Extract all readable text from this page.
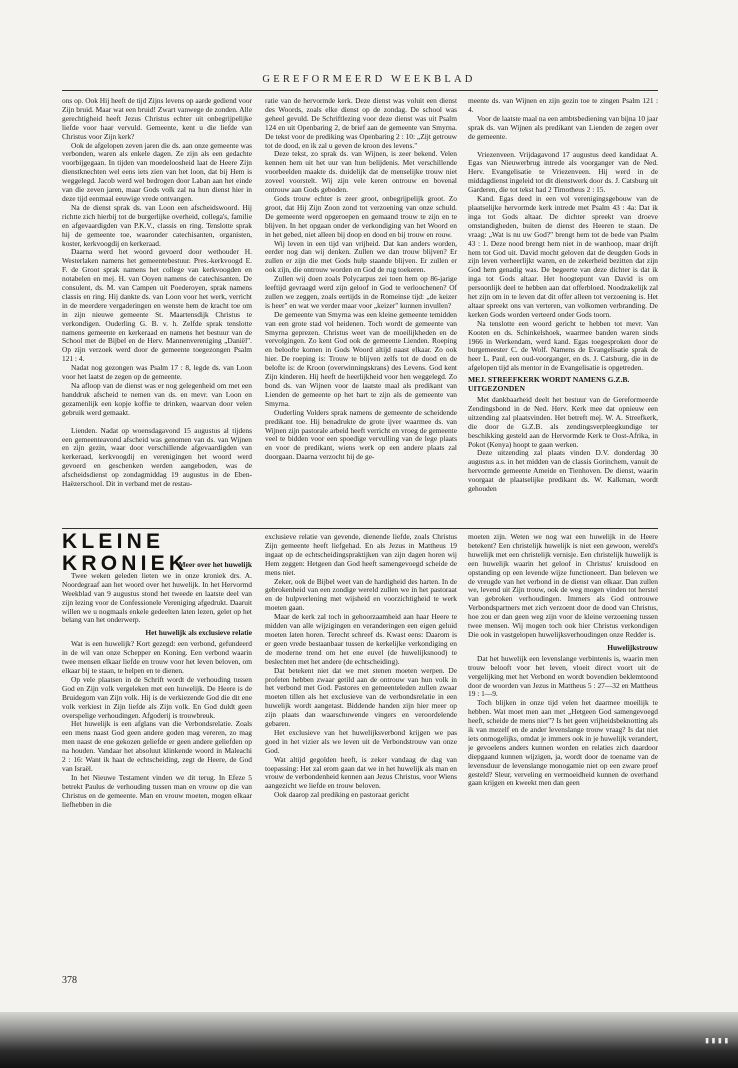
GEREFORMEERD WEEKBLAD

ons op. Ook Hij heeft de tijd Zijns levens op aarde gediend voor Zijn bruid. Maar wat een bruid! Zwart vanwege de zonden. Alle gerechtigheid heeft Jezus Christus echter uit onbegrijpelijke liefde voor haar vervuld. Gemeente, kent u die liefde van Christus voor Zijn kerk?

Ook de afgelopen zeven jaren die ds. aan onze gemeente was verbonden, waren als enkele dagen. Ze zijn als een gedachte voorbijgegaan. In tijden van moedeloosheid laat de Heere Zijn dienstknechten wel eens iets zien van het loon, dat bij Hem is weggelegd. Jacob werd wel bedrogen door Laban aan het einde van die zeven jaren, maar Gods volk zal na hun dienst hier in deze tijd eenmaal eeuwige vrede ontvangen.

Na de dienst sprak ds. van Loon een afscheidswoord. Hij richtte zich hierbij tot de burgerlijke overheid, collega's, familie en afgevaardigden van P.K.V., classis en ring. Tenslotte sprak hij de gemeente toe, waaronder catechisanten, organisten, koster, kerkvoogdij en kerkeraad.

Daarna werd het woord gevoerd door wethouder H. Westerlaken namens het gemeentebestuur. Pres.-kerkvoogd E. F. de Groot sprak namens het college van kerkvoogden en notabelen en mej. H. van Ooyen namens de catechisanten. De consulent, ds. M. van Campen uit Poederoyen, sprak namens classis en ring. Hij dankte ds. van Loon voor het werk, verricht in de meerdere vergaderingen en wenste hem de kracht toe om in zijn nieuwe gemeente St. Maartensdijk Christus te verkondigen. Ouderling G. B. v. h. Zelfde sprak tenslotte namens gemeente en kerkeraad en namens het bestuur van de School met de Bijbel en de Herv. Mannenvereniging „Daniël". Op zijn verzoek werd door de gemeente toegezongen Psalm 121 : 4.

Nadat nog gezongen was Psalm 17 : 8, legde ds. van Loon voor het laatst de zegen op de gemeente.

Na afloop van de dienst was er nog gelegenheid om met een handdruk afscheid te nemen van ds. en mevr. van Loon en gezamenlijk een kopje koffie te drinken, waarvan door velen gebruik werd gemaakt.

Lienden. Nadat op woensdagavond 15 augustus al tijdens een gemeenteavond afscheid was genomen van ds. van Wijnen en zijn gezin, waar door verschillende afgevaardigden van kerkeraad, kerkvoogdij en verenigingen het woord werd gevoerd en geschenken werden aangeboden, was de afscheidsdienst op zondagmiddag 19 augustus in de Eben-Haëzerschool. Dit in verband met de restau-

ratie van de hervormde kerk. Deze dienst was voluit een dienst des Woords, zoals elke dienst op de zondag. De school was geheel gevuld. De Schriftlezing voor deze dienst was uit Psalm 124 en uit Openbaring 2, de brief aan de gemeente van Smyrna. De tekst voor de prediking was Openbaring 2 : 10: „Zijt getrouw tot de dood, en ik zal u geven de kroon des levens."

Deze tekst, zo sprak ds. van Wijnen, is zeer bekend. Velen kennen hem uit het uur van hun belijdenis. Met verschillende voorbeelden maakte ds. duidelijk dat de menselijke trouw niet zoveel voorstelt. Wij zijn vele keren ontrouw en bovenal ontrouw aan Gods geboden.

Gods trouw echter is zeer groot, onbegrijpelijk groot. Zo groot, dat Hij Zijn Zoon zond tot verzoening van onze schuld. De gemeente werd opgeroepen en gemaand trouw te zijn en te blijven. In het opgaan onder de verkondiging van het Woord en in het gebed, niet alleen bij doop en dood en bij trouw en rouw.

Wij leven in een tijd van vrijheid. Dat kan anders worden, eerder nog dan wij denken. Zullen we dan trouw blijven? Er zullen er zijn die met Gods hulp staande blijven. Er zullen er ook zijn, die ontrouw worden en God de rug toekeren.

Zullen wij doen zoals Polycarpus zei toen hem op 86-jarige leeftijd gevraagd werd zijn geloof in God te verloochenen? Of zullen we zeggen, zoals eertijds in de Romeinse tijd: „de keizer is heer" en wat we verder maar voor „keizer" kunnen invullen?

De gemeente van Smyrna was een kleine gemeente temidden van een grote stad vol heidenen. Toch wordt de gemeente van Smyrna geprezen. Christus weet van de moeilijkheden en de vervolgingen. Zo kent God ook de gemeente Lienden. Roeping en beloofte komen in Gods Woord altijd naast elkaar. Zo ook hier. De roeping is: Trouw te blijven zelfs tot de dood en de belofte is: de Kroon (overwinningskrans) des Levens. God kent Zijn kinderen. Hij heeft de heerlijkheid voor hen weggelegd. Zo bond ds. van Wijnen voor de laatste maal als predikant van Lienden de gemeente op het hart te zijn als de gemeente van Smyrna.

Ouderling Volders sprak namens de gemeente de scheidende predikant toe. Hij benadrukte de grote ijver waarmee ds. van Wijnen zijn pastorale arbeid heeft verricht en vroeg de gemeente veel te bidden voor een spoedige vervulling van de lege plaats en voor de predikant, wiens werk op een andere plaats zal doorgaan. Daarna verzocht hij de ge-

meente ds. van Wijnen en zijn gezin toe te zingen Psalm 121 : 4.

Voor de laatste maal na een ambtsbediening van bijna 10 jaar sprak ds. van Wijnen als predikant van Lienden de zegen over de gemeente.

Vriezenveen. Vrijdagavond 17 augustus deed kandidaat A. Egas van Nieuwerbrug intrede als voorganger van de Ned. Herv. Evangelisatie te Vriezenveen. Hij werd in de middagdienst ingeleid tot dit dienstwerk door ds. J. Catsburg uit Garderen, die tot tekst had 2 Timotheus 2 : 15.

Kand. Egas deed in een vol verenigingsgebouw van de plaatselijke hervormde kerk intrede met Psalm 43 : 4a: Dat ik inga tot Gods altaar. De dichter spreekt van droeve omstandigheden, buiten de dienst des Heeren te staan. De vraag: „Wat is nu uw God?" brengt hem tot de bede van Psalm 43 : 1. Deze nood brengt hem niet in de wanhoop, maar drijft hem tot God uit. David mocht geloven dat de deugden Gods in zijn leven verheerlijkt waren, en de zekerheid bezitten dat zijn God hem genadig was. De begeerte van deze dichter is dat ik inga tot Gods altaar. Het hoogtepunt van David is om persoonlijk deel te hebben aan dat offerbloed. Noodzakelijk zal het zijn om in te leven dat dit offer alleen tot verzoening is. Het altaar spreekt ons van verteren, van volkomen verbranding. De kerken Gods worden verteerd onder Gods toorn.

Na tenslotte een woord gericht te hebben tot mevr. Van Kooten en ds. Schinkelshoek, waarmee banden waren sinds 1966 in Werkendam, werd kand. Egas toegesproken door de burgemeester C. de Wolf. Namens de Evangelisatie sprak de heer L. Paul, een oud-voorganger, en ds. J. Catsburg, die in de afgelopen tijd als mentor in de Evangelisatie is opgetreden.

MEJ. STREEFKERK WORDT NAMENS G.Z.B. UITGEZONDEN

Met dankbaarheid deelt het bestuur van de Gereformeerde Zendingsbond in de Ned. Herv. Kerk mee dat opnieuw een uitzending zal plaatsvinden. Het betreft mej. W. A. Streefkerk, die door de G.Z.B. als zendingsverpleegkundige ter beschikking gesteld aan de Hervormde Kerk te Oost-Afrika, in Pokot (Kenya) hoopt te gaan werken.

Deze uitzending zal plaats vinden D.V. donderdag 30 augustus a.s. in het midden van de classis Gorinchem, vanuit de hervormde gemeente Ameide en Tienhoven. De dienst, waarin voorgaat de plaatselijke predikant ds. W. Kalkman, wordt gehouden

KLEINE KRONIEK
Meer over het huwelijk

Twee weken geleden lieten we in onze kroniek drs. A. Noordegraaf aan het woord over het huwelijk. In het Hervormd Weekblad van 9 augustus stond het tweede en laatste deel van zijn lezing voor de Confessionele Vereniging afgedrukt. Daaruit willen we u nogmaals enkele gedeelten laten lezen, gelet op het belang van het onderwerp.

Het huwelijk als exclusieve relatie

Wat is een huwelijk? Kort gezegd: een verbond, gefundeerd in de wil van onze Schepper en Koning. Een verbond waarin twee mensen elkaar liefde en trouw voor het leven beloven, om elkaar bij te staan, te helpen en te dienen.

Op vele plaatsen in de Schrift wordt de verhouding tussen God en Zijn volk vergeleken met een huwelijk. De Heere is de Bruidegom van Zijn volk. Hij is de verkiezende God die dit ene volk verkiest in Zijn liefde als Zijn volk. En God duldt geen overspelige verhoudingen. Afgoderij is trouwbreuk.

Het huwelijk is een afglans van die Verbondsrelatie. Zoals een mens naast God geen andere goden mag vereren, zo mag men naast de ene gekozen geliefde er geen andere geliefden op na houden. Vandaar het absoluut klinkende woord in Maleachi 2 : 16: Want ik haat de echtscheiding, zegt de Heere, de God van Israël.

In het Nieuwe Testament vinden we dit terug. In Efeze 5 betrekt Paulus de verhouding tussen man en vrouw op die van Christus en de gemeente. Man en vrouw moeten, mogen elkaar liefhebben in die

exclusieve relatie van gevende, dienende liefde, zoals Christus Zijn gemeente heeft liefgehad. En als Jezus in Mattheus 19 ingaat op de echtscheidingspraktijken van zijn dagen horen wij Hem zeggen: Hetgeen dan God heeft samengevoegd scheide de mens niet.

Zeker, ook de Bijbel weet van de hardigheid des harten. In de gebrokenheid van een zondige wereld zullen we in het pastoraat en de hulpverlening met wijsheid en voorzichtigheid te werk moeten gaan.

Maar de kerk zal toch in gehoorzaamheid aan haar Heere te midden van alle wijzigingen en veranderingen een eigen geluid moeten laten horen. Terecht schreef ds. Kwast eens: Daarom is er geen vrede bestaanbaar tussen de kerkelijke verkondiging en de moderne trend om het ene euvel (de huwelijksnood) te beslechten met het andere (de echtscheiding).

Dat betekent niet dat we met stenen moeten werpen. De profeten hebben zwaar getild aan de ontrouw van hun volk in het verbond met God. Pastores en gemeenteleden zullen zwaar moeten tillen als het exclusieve van de verbondsrelatie in een huwelijk wordt aangetast. Biddende handen zijn hier meer op zijn plaats dan waarschuwende vingers en veroordelende gebaren.

Het exclusieve van het huwelijksverbond krijgen we pas goed in het vizier als we leven uit de Verbondstrouw van onze God.

Wat altijd gegolden heeft, is zeker vandaag de dag van toepassing: Het zal erom gaan dat we in het huwelijk als man en vrouw de verbondenheid kennen aan Jezus Christus, voor Wiens aangezicht we liefde en trouw beloven.

Ook daarop zal prediking en pastoraat gericht

moeten zijn. Weten we nog wat een huwelijk in de Heere betekent? Een christelijk huwelijk is niet een gewoon, wereld's huwelijk met een christelijk vernisje. Een christelijk huwelijk is een huwelijk waarin het geloof in Christus' kruisdood en opstanding op een levende wijze functioneert. Dan beleven we de vreugde van het verbond in de dienst van elkaar. Dan zullen we, levend uit Zijn trouw, ook de weg mogen vinden tot herstel van gebroken verhoudingen. Immers als God ontrouwe Verbondspartners met zich verzoent door de dood van Christus, hoe zou er dan geen weg zijn voor de kleine verzoening tussen twee mensen. Wij mogen toch ook hier Christus verkondigen Die ook in vastgelopen huwelijksverhoudingen onze Redder is.

Huwelijkstrouw

Dat het huwelijk een levenslange verbintenis is, waarin men trouw belooft voor het leven, vloeit direct voort uit de vergelijking met het Verbond en wordt bovendien beklemtoond door de woorden van Jezus in Mattheus 5 : 27—32 en Mattheus 19 : 1—9.

Toch blijken in onze tijd velen het daarmee moeilijk te hebben. Wat moet men aan met „Hetgeen God samengevoegd heeft, scheide de mens niet"? Is het geen vrijheidsbeknotting als ik van mezelf en de ander levenslange trouw vraag? Is dat niet iets onmogelijks, omdat je immers ook in je huwelijk verandert, je gevoelens anders kunnen worden en relaties zich daardoor diepgaand kunnen wijzigen, ja, wordt door de toename van de levensduur de levenslange monogamie niet op een zware proef gesteld? Sleur, verveling en vermoeidheid kunnen de overhand gaan krijgen en kweekt men dan geen

378
▮▮▮▮
